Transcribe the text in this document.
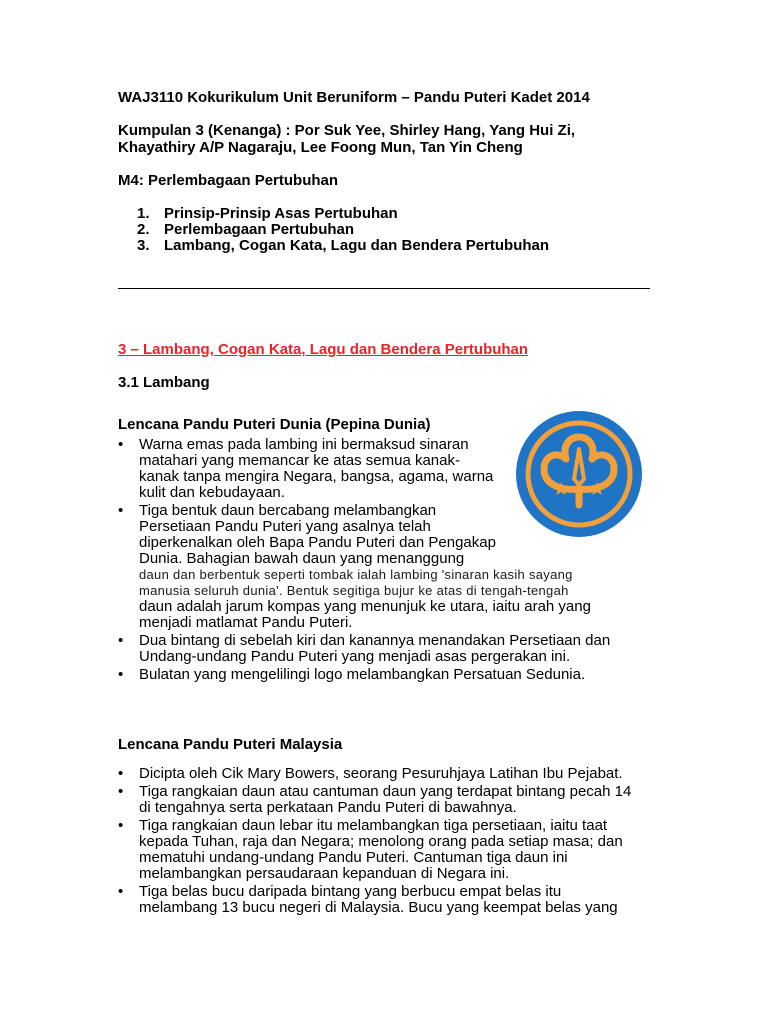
WAJ3110 Kokurikulum Unit Beruniform – Pandu Puteri Kadet 2014
Kumpulan 3 (Kenanga) : Por Suk Yee, Shirley Hang, Yang Hui Zi,
Khayathiry A/P Nagaraju, Lee Foong Mun, Tan Yin Cheng
M4: Perlembagaan Pertubuhan
1. Prinsip-Prinsip Asas Pertubuhan
2. Perlembagaan Pertubuhan
3. Lambang, Cogan Kata, Lagu dan Bendera Pertubuhan
3 – Lambang, Cogan Kata, Lagu dan Bendera Pertubuhan
3.1 Lambang
Lencana Pandu Puteri Dunia (Pepina Dunia)
•	Warna emas pada lambing ini bermaksud sinaran
matahari yang memancar ke atas semua kanak-
kanak tanpa mengira Negara, bangsa, agama, warna
kulit dan kebudayaan.
•	Tiga bentuk daun bercabang melambangkan
Persetiaan Pandu Puteri yang asalnya telah
diperkenalkan oleh Bapa Pandu Puteri dan Pengakap
Dunia. Bahagian bawah daun yang menanggung
daun dan berbentuk seperti tombak ialah lambing 'sinaran kasih sayang
manusia seluruh dunia'. Bentuk segitiga bujur ke atas di tengah-tengah
daun adalah jarum kompas yang menunjuk ke utara, iaitu arah yang
menjadi matlamat Pandu Puteri.
•	Dua bintang di sebelah kiri dan kanannya menandakan Persetiaan dan
Undang-undang Pandu Puteri yang menjadi asas pergerakan ini.
•	Bulatan yang mengelilingi logo melambangkan Persatuan Sedunia.
Lencana Pandu Puteri Malaysia
•	Dicipta oleh Cik Mary Bowers, seorang Pesuruhjaya Latihan Ibu Pejabat.
•	Tiga rangkaian daun atau cantuman daun yang terdapat bintang pecah 14
di tengahnya serta perkataan Pandu Puteri di bawahnya.
•	Tiga rangkaian daun lebar itu melambangkan tiga persetiaan, iaitu taat
kepada Tuhan, raja dan Negara; menolong orang pada setiap masa; dan
mematuhi undang-undang Pandu Puteri. Cantuman tiga daun ini
melambangkan persaudaraan kepanduan di Negara ini.
•	Tiga belas bucu daripada bintang yang berbucu empat belas itu
melambang 13 bucu negeri di Malaysia. Bucu yang keempat belas yang
